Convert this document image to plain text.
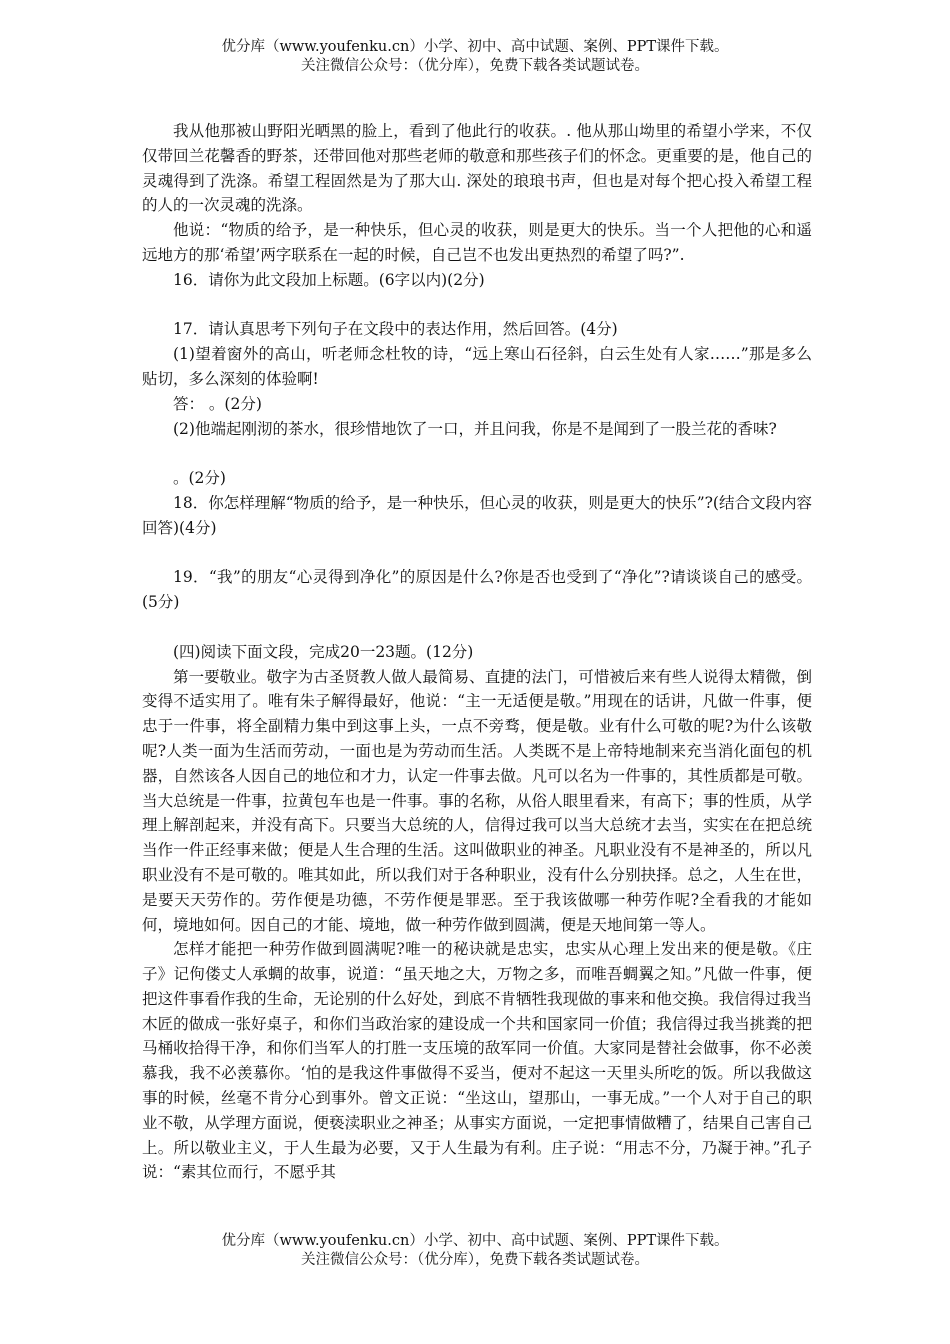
优分库（www.youfenku.cn）小学、初中、高中试题、案例、PPT课件下载。
关注微信公众号：（优分库），免费下载各类试题试卷。

我从他那被山野阳光晒黑的脸上，看到了他此行的收获。. 他从那山坳里的希望小学来，不仅仅带回兰花馨香的野茶，还带回他对那些老师的敬意和那些孩子们的怀念。更重要的是，他自己的灵魂得到了洗涤。希望工程固然是为了那大山. 深处的琅琅书声，但也是对每个把心投入希望工程的人的一次灵魂的洗涤。

他说：“物质的给予，是一种快乐，但心灵的收获，则是更大的快乐。当一个人把他的心和遥远地方的那‘希望’两字联系在一起的时候，自己岂不也发出更热烈的希望了吗?”.

16．请你为此文段加上标题。(6字以内)(2分)

17．请认真思考下列句子在文段中的表达作用，然后回答。(4分)

(1)望着窗外的高山，听老师念杜牧的诗，“远上寒山石径斜，白云生处有人家……”那是多么贴切，多么深刻的体验啊!

答： 。(2分)

(2)他端起刚沏的茶水，很珍惜地饮了一口，并且问我，你是不是闻到了一股兰花的香味?

。(2分)

18．你怎样理解“物质的给予，是一种快乐，但心灵的收获，则是更大的快乐”?(结合文段内容回答)(4分)

19．“我”的朋友“心灵得到净化”的原因是什么?你是否也受到了“净化”?请谈谈自己的感受。(5分)

(四)阅读下面文段，完成20一23题。(12分)

第一要敬业。敬字为古圣贤教人做人最简易、直捷的法门，可惜被后来有些人说得太精微，倒变得不适实用了。唯有朱子解得最好，他说：“主一无适便是敬。”用现在的话讲，凡做一件事，便忠于一件事，将全副精力集中到这事上头，一点不旁骛，便是敬。业有什么可敬的呢?为什么该敬呢?人类一面为生活而劳动，一面也是为劳动而生活。人类既不是上帝特地制来充当消化面包的机器，自然该各人因自己的地位和才力，认定一件事去做。凡可以名为一件事的，其性质都是可敬。当大总统是一件事，拉黄包车也是一件事。事的名称，从俗人眼里看来，有高下；事的性质，从学理上解剖起来，并没有高下。只要当大总统的人，信得过我可以当大总统才去当，实实在在把总统当作一件正经事来做；便是人生合理的生活。这叫做职业的神圣。凡职业没有不是神圣的，所以凡职业没有不是可敬的。唯其如此，所以我们对于各种职业，没有什么分别抉择。总之，人生在世，是要天天劳作的。劳作便是功德，不劳作便是罪恶。至于我该做哪一种劳作呢?全看我的才能如何，境地如何。因自己的才能、境地，做一种劳作做到圆满，便是天地间第一等人。

怎样才能把一种劳作做到圆满呢?唯一的秘诀就是忠实，忠实从心理上发出来的便是敬。《庄子》记佝偻丈人承蜩的故事，说道：“虽天地之大，万物之多，而唯吾蜩翼之知。”凡做一件事，便把这件事看作我的生命，无论别的什么好处，到底不肯牺牲我现做的事来和他交换。我信得过我当木匠的做成一张好桌子，和你们当政治家的建设成一个共和国家同一价值；我信得过我当挑粪的把马桶收拾得干净，和你们当军人的打胜一支压境的敌军同一价值。大家同是替社会做事，你不必羡慕我，我不必羡慕你。‘怕的是我这件事做得不妥当，便对不起这一天里头所吃的饭。所以我做这事的时候，丝毫不肯分心到事外。曾文正说：“坐这山，望那山，一事无成。”一个人对于自己的职业不敬，从学理方面说，便亵渎职业之神圣；从事实方面说，一定把事情做糟了，结果自己害自己上。所以敬业主义，于人生最为必要，又于人生最为有利。庄子说：“用志不分，乃凝于神。”孔子说：“素其位而行，不愿乎其

优分库（www.youfenku.cn）小学、初中、高中试题、案例、PPT课件下载。
关注微信公众号：（优分库），免费下载各类试题试卷。
